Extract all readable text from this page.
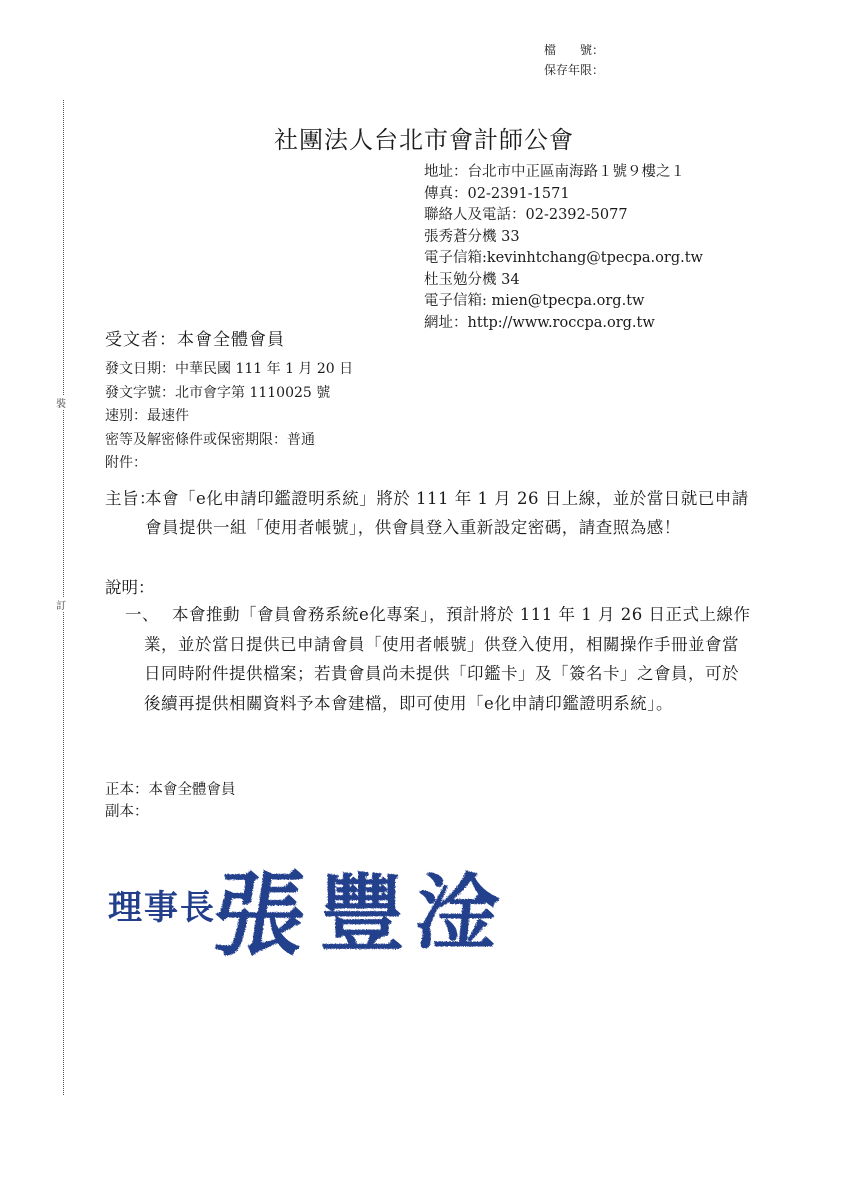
檔　　號：
保存年限：
裝
訂
社團法人台北市會計師公會
地址：台北市中正區南海路１號９樓之１
傳真：02-2391-1571
聯絡人及電話：02-2392-5077
張秀蒼分機 33
電子信箱:kevinhtchang@tpecpa.org.tw
杜玉勉分機 34
電子信箱: mien@tpecpa.org.tw
網址：http://www.roccpa.org.tw
受文者：本會全體會員
發文日期：中華民國 111 年 1 月 20 日
發文字號：北市會字第 1110025 號
速別：最速件
密等及解密條件或保密期限：普通
附件：
主旨：
本會「e化申請印鑑證明系統」將於 111 年 1 月 26 日上線，並於當日就已申請會員提供一組「使用者帳號」，供會員登入重新設定密碼，請查照為感！
說明：
一、 本會推動「會員會務系統e化專案」，預計將於 111 年 1 月 26 日正式上線作業，並於當日提供已申請會員「使用者帳號」供登入使用，相關操作手冊並會當日同時附件提供檔案；若貴會員尚未提供「印鑑卡」及「簽名卡」之會員，可於後續再提供相關資料予本會建檔，即可使用「e化申請印鑑證明系統」。
正本：本會全體會員
副本：
理事長
張 豐 淦
